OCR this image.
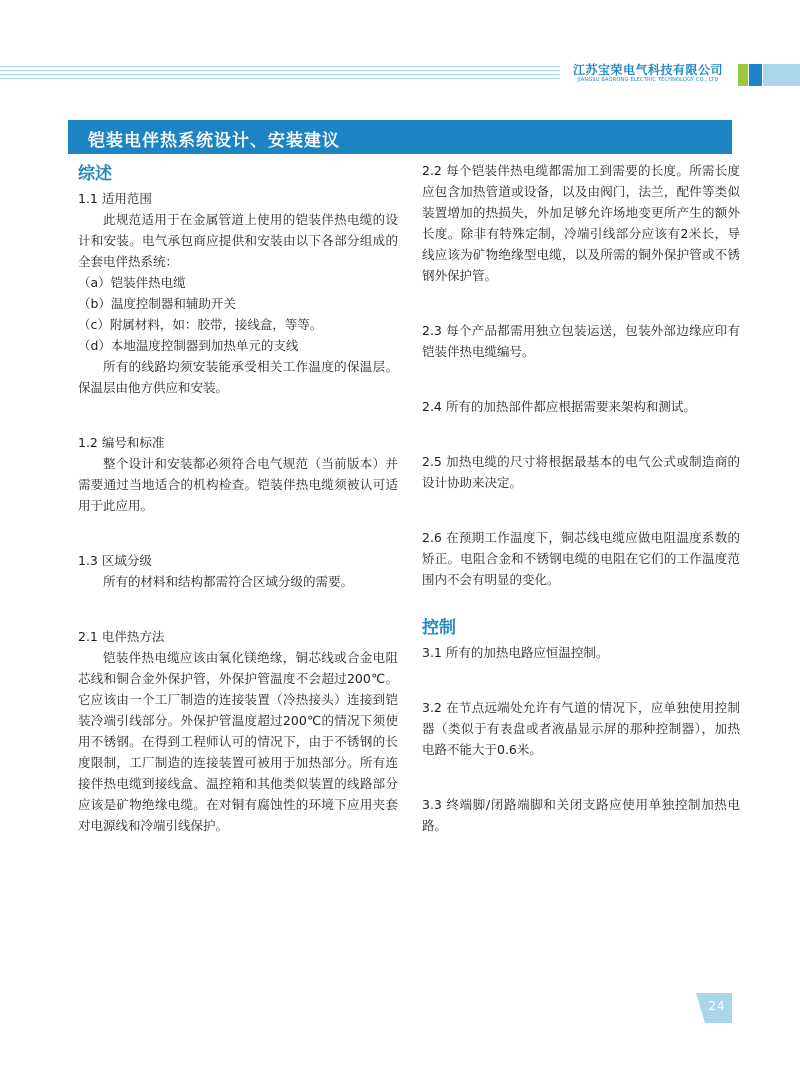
江苏宝荣电气科技有限公司
JIANGSU BAORONG ELECTRIC TECHNOLOGY CO., LTD
铠装电伴热系统设计、安装建议
综述

1.1 适用范围

此规范适用于在金属管道上使用的铠装伴热电缆的设计和安装。电气承包商应提供和安装由以下各部分组成的全套电伴热系统：

（a）铠装伴热电缆

（b）温度控制器和辅助开关

（c）附属材料，如：胶带，接线盒，等等。

（d）本地温度控制器到加热单元的支线

所有的线路均须安装能承受相关工作温度的保温层。保温层由他方供应和安装。

1.2 编号和标准

整个设计和安装都必须符合电气规范（当前版本）并需要通过当地适合的机构检查。铠装伴热电缆须被认可适用于此应用。

1.3 区域分级

所有的材料和结构都需符合区域分级的需要。

2.1 电伴热方法

铠装伴热电缆应该由氧化镁绝缘，铜芯线或合金电阻芯线和铜合金外保护管，外保护管温度不会超过200℃。它应该由一个工厂制造的连接装置（冷热接头）连接到铠装冷端引线部分。外保护管温度超过200℃的情况下须使用不锈钢。在得到工程师认可的情况下，由于不锈钢的长度限制，工厂制造的连接装置可被用于加热部分。所有连接伴热电缆到接线盒、温控箱和其他类似装置的线路部分应该是矿物绝缘电缆。在对铜有腐蚀性的环境下应用夹套对电源线和冷端引线保护。

2.2 每个铠装伴热电缆都需加工到需要的长度。所需长度应包含加热管道或设备，以及由阀门，法兰，配件等类似装置增加的热损失，外加足够允许场地变更所产生的额外长度。除非有特殊定制，冷端引线部分应该有2米长，导线应该为矿物绝缘型电缆，以及所需的铜外保护管或不锈钢外保护管。

2.3 每个产品都需用独立包装运送，包装外部边缘应印有铠装伴热电缆编号。

2.4 所有的加热部件都应根据需要来架构和测试。

2.5 加热电缆的尺寸将根据最基本的电气公式或制造商的设计协助来决定。

2.6 在预期工作温度下，铜芯线电缆应做电阻温度系数的矫正。电阻合金和不锈钢电缆的电阻在它们的工作温度范围内不会有明显的变化。

控制

3.1 所有的加热电路应恒温控制。

3.2 在节点远端处允许有气道的情况下，应单独使用控制器（类似于有表盘或者液晶显示屏的那种控制器），加热电路不能大于0.6米。

3.3 终端脚/闭路端脚和关闭支路应使用单独控制加热电路。

24
